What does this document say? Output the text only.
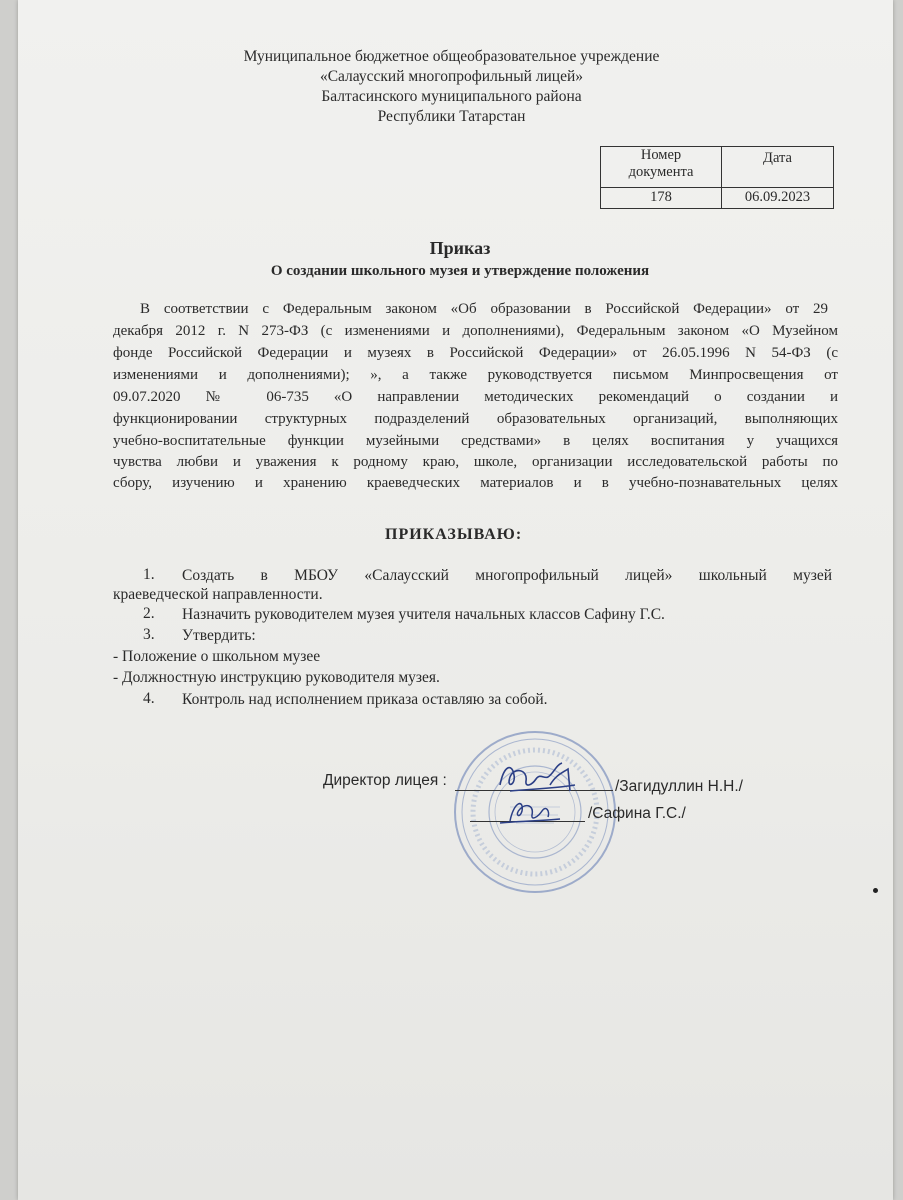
Муниципальное бюджетное общеобразовательное учреждение
«Салаусский многопрофильный лицей»
Балтасинского муниципального района
Республики Татарстан
Номер
документа	Дата
178	06.09.2023
Приказ
О создании школьного музея и утверждение положения
В соответствии с Федеральным законом «Об образовании в Российской Федерации» от 29
декабря 2012 г. N 273-ФЗ (с изменениями и дополнениями), Федеральным законом «О Музейном
фонде Российской Федерации и музеях в Российской Федерации» от 26.05.1996 N 54-ФЗ (с
изменениями и дополнениями); », а также руководствуется письмом Минпросвещения от
09.07.2020 № 06-735 «О направлении методических рекомендаций о создании и
функционировании структурных подразделений образовательных организаций, выполняющих
учебно-воспитательные функции музейными средствами» в целях воспитания у учащихся
чувства любви и уважения к родному краю, школе, организации исследовательской работы по
сбору, изучению и хранению краеведческих материалов и в учебно-познавательных целях
ПРИКАЗЫВАЮ:
1. Создать в МБОУ «Салаусский многопрофильный лицей» школьный музей
краеведческой направленности.
2. Назначить руководителем музея учителя начальных классов Сафину Г.С.
3. Утвердить:
- Положение о школьном музее
- Должностную инструкцию руководителя музея.
4. Контроль над исполнением приказа оставляю за собой.
Директор лицея :	/Загидуллин Н.Н./
/Сафина Г.С./
